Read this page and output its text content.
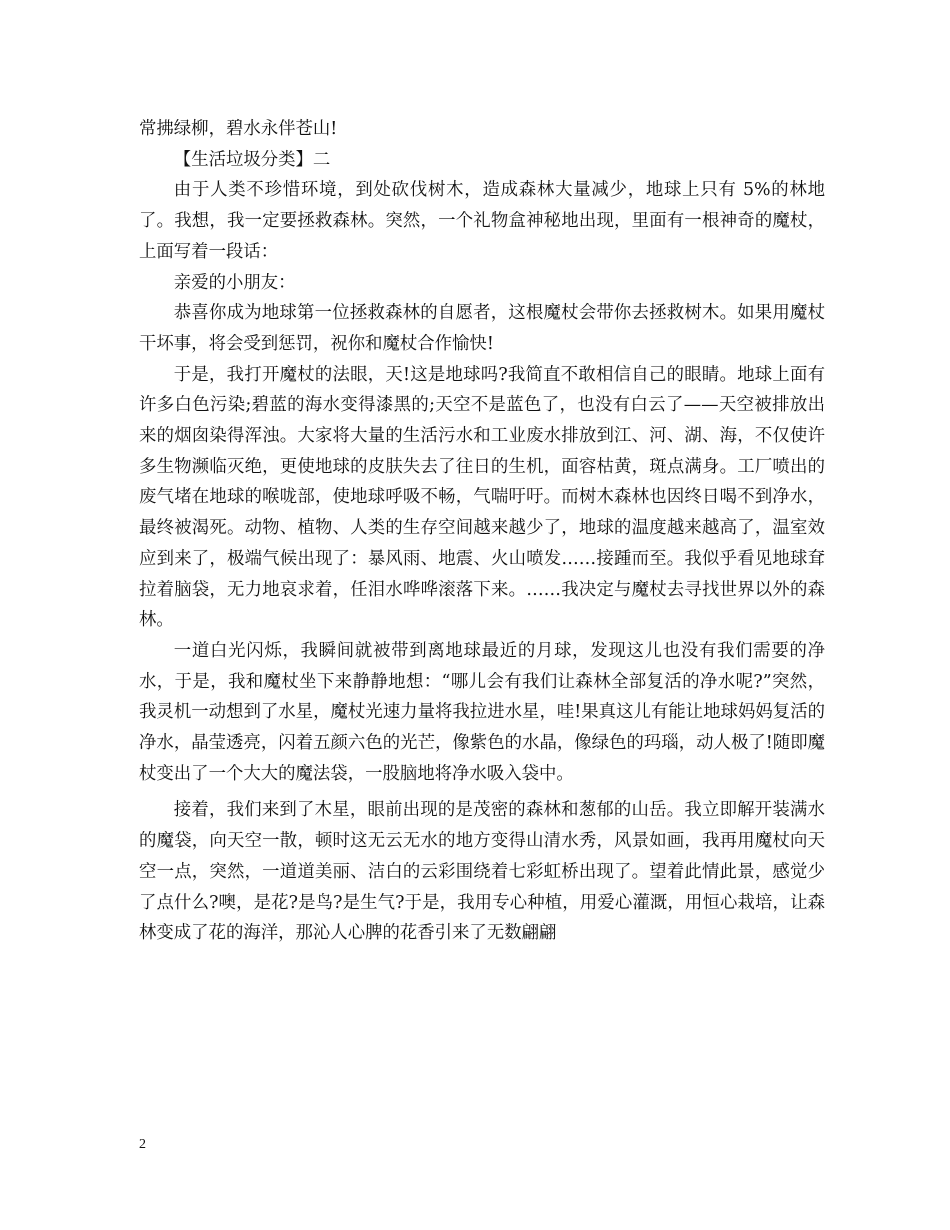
常拂绿柳，碧水永伴苍山!

【生活垃圾分类】二

由于人类不珍惜环境，到处砍伐树木，造成森林大量减少，地球上只有 5%的林地了。我想，我一定要拯救森林。突然，一个礼物盒神秘地出现，里面有一根神奇的魔杖，上面写着一段话：

亲爱的小朋友：

恭喜你成为地球第一位拯救森林的自愿者，这根魔杖会带你去拯救树木。如果用魔杖干坏事，将会受到惩罚，祝你和魔杖合作愉快!

于是，我打开魔杖的法眼，天!这是地球吗?我简直不敢相信自己的眼睛。地球上面有许多白色污染;碧蓝的海水变得漆黑的;天空不是蓝色了，也没有白云了——天空被排放出来的烟囱染得浑浊。大家将大量的生活污水和工业废水排放到江、河、湖、海，不仅使许多生物濒临灭绝，更使地球的皮肤失去了往日的生机，面容枯黄，斑点满身。工厂喷出的废气堵在地球的喉咙部，使地球呼吸不畅，气喘吁吁。而树木森林也因终日喝不到净水，最终被渴死。动物、植物、人类的生存空间越来越少了，地球的温度越来越高了，温室效应到来了，极端气候出现了：暴风雨、地震、火山喷发……接踵而至。我似乎看见地球耷拉着脑袋，无力地哀求着，任泪水哗哗滚落下来。……我决定与魔杖去寻找世界以外的森林。

一道白光闪烁，我瞬间就被带到离地球最近的月球，发现这儿也没有我们需要的净水，于是，我和魔杖坐下来静静地想：“哪儿会有我们让森林全部复活的净水呢?”突然，我灵机一动想到了水星，魔杖光速力量将我拉进水星，哇!果真这儿有能让地球妈妈复活的净水，晶莹透亮，闪着五颜六色的光芒，像紫色的水晶，像绿色的玛瑙，动人极了!随即魔杖变出了一个大大的魔法袋，一股脑地将净水吸入袋中。

接着，我们来到了木星，眼前出现的是茂密的森林和葱郁的山岳。我立即解开装满水的魔袋，向天空一散，顿时这无云无水的地方变得山清水秀，风景如画，我再用魔杖向天空一点，突然，一道道美丽、洁白的云彩围绕着七彩虹桥出现了。望着此情此景，感觉少了点什么?噢，是花?是鸟?是生气?于是，我用专心种植，用爱心灌溉，用恒心栽培，让森林变成了花的海洋，那沁人心脾的花香引来了无数翩翩

2
